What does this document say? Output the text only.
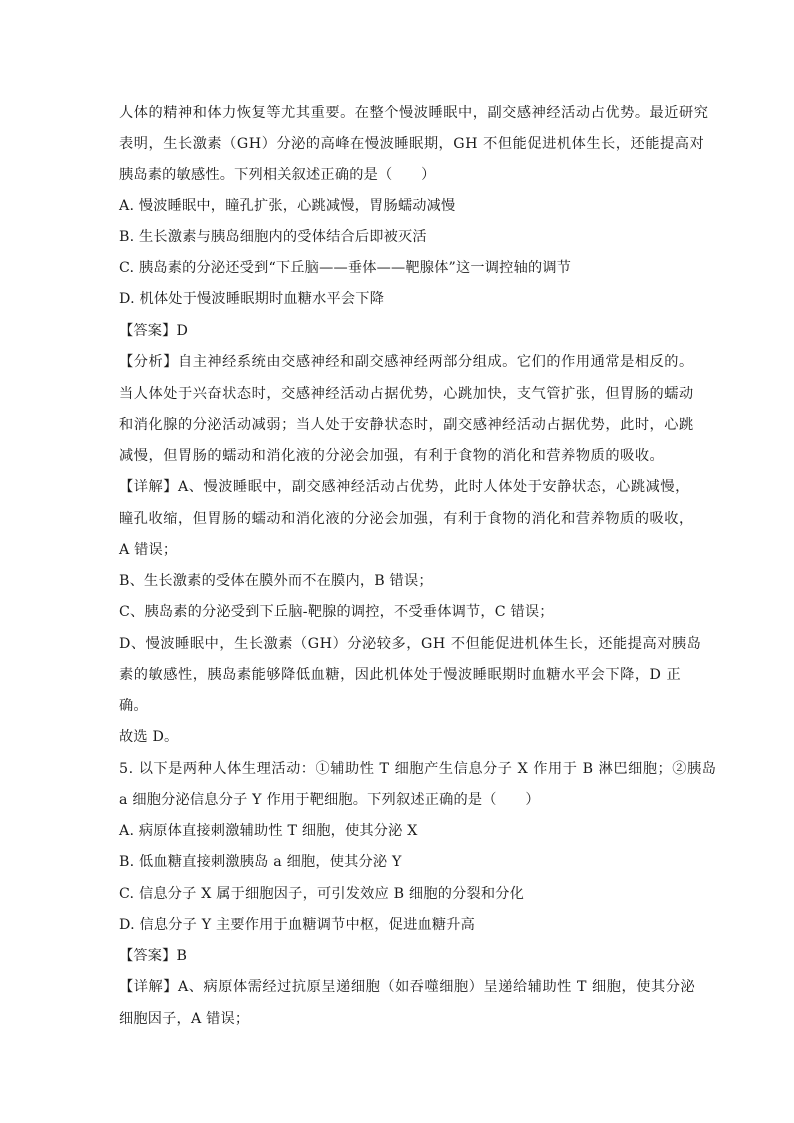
人体的精神和体力恢复等尤其重要。在整个慢波睡眠中，副交感神经活动占优势。最近研究
表明，生长激素（GH）分泌的高峰在慢波睡眠期，GH 不但能促进机体生长，还能提高对
胰岛素的敏感性。下列相关叙述正确的是（　　）
A. 慢波睡眠中，瞳孔扩张，心跳减慢，胃肠蠕动减慢
B. 生长激素与胰岛细胞内的受体结合后即被灭活
C. 胰岛素的分泌还受到“下丘脑——垂体——靶腺体”这一调控轴的调节
D. 机体处于慢波睡眠期时血糖水平会下降
【答案】D
【分析】自主神经系统由交感神经和副交感神经两部分组成。它们的作用通常是相反的。
当人体处于兴奋状态时，交感神经活动占据优势，心跳加快，支气管扩张，但胃肠的蠕动
和消化腺的分泌活动减弱；当人处于安静状态时，副交感神经活动占据优势，此时，心跳
减慢，但胃肠的蠕动和消化液的分泌会加强，有利于食物的消化和营养物质的吸收。
【详解】A、慢波睡眠中，副交感神经活动占优势，此时人体处于安静状态，心跳减慢，
瞳孔收缩，但胃肠的蠕动和消化液的分泌会加强，有利于食物的消化和营养物质的吸收，
A 错误；
B、生长激素的受体在膜外而不在膜内，B 错误；
C、胰岛素的分泌受到下丘脑-靶腺的调控，不受垂体调节，C 错误；
D、慢波睡眠中，生长激素（GH）分泌较多，GH 不但能促进机体生长，还能提高对胰岛
素的敏感性，胰岛素能够降低血糖，因此机体处于慢波睡眠期时血糖水平会下降，D 正
确。
故选 D。
5. 以下是两种人体生理活动：①辅助性 T 细胞产生信息分子 X 作用于 B 淋巴细胞；②胰岛
a 细胞分泌信息分子 Y 作用于靶细胞。下列叙述正确的是（　　）
A. 病原体直接刺激辅助性 T 细胞，使其分泌 X
B. 低血糖直接刺激胰岛 a 细胞，使其分泌 Y
C. 信息分子 X 属于细胞因子，可引发效应 B 细胞的分裂和分化
D. 信息分子 Y 主要作用于血糖调节中枢，促进血糖升高
【答案】B
【详解】A、病原体需经过抗原呈递细胞（如吞噬细胞）呈递给辅助性 T 细胞，使其分泌
细胞因子，A 错误；
